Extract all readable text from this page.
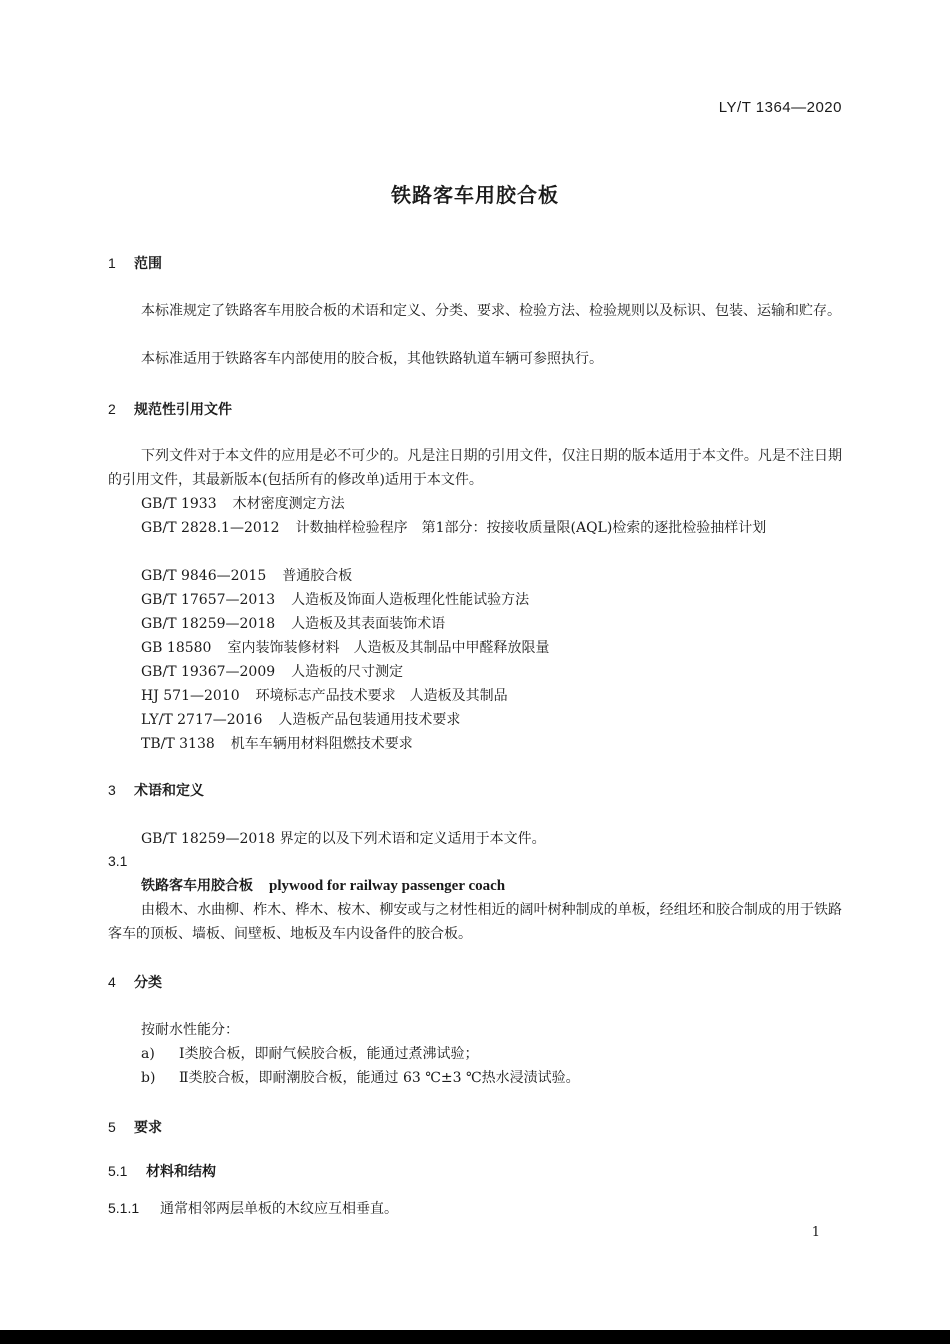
LY/T 1364—2020
铁路客车用胶合板
1 范围
本标准规定了铁路客车用胶合板的术语和定义、分类、要求、检验方法、检验规则以及标识、包装、运输和贮存。
本标准适用于铁路客车内部使用的胶合板，其他铁路轨道车辆可参照执行。
2 规范性引用文件
下列文件对于本文件的应用是必不可少的。凡是注日期的引用文件，仅注日期的版本适用于本文件。凡是不注日期的引用文件，其最新版本(包括所有的修改单)适用于本文件。
GB/T 1933 木材密度测定方法
GB/T 2828.1—2012 计数抽样检验程序　第1部分：按接收质量限(AQL)检索的逐批检验抽样计划
GB/T 9846—2015 普通胶合板
GB/T 17657—2013 人造板及饰面人造板理化性能试验方法
GB/T 18259—2018 人造板及其表面装饰术语
GB 18580 室内装饰装修材料　人造板及其制品中甲醛释放限量
GB/T 19367—2009 人造板的尺寸测定
HJ 571—2010 环境标志产品技术要求　人造板及其制品
LY/T 2717—2016 人造板产品包装通用技术要求
TB/T 3138 机车车辆用材料阻燃技术要求
3 术语和定义
GB/T 18259—2018 界定的以及下列术语和定义适用于本文件。
3.1
铁路客车用胶合板 plywood for railway passenger coach
由椴木、水曲柳、柞木、桦木、桉木、柳安或与之材性相近的阔叶树种制成的单板，经组坯和胶合制成的用于铁路客车的顶板、墙板、间壁板、地板及车内设备件的胶合板。
4 分类
按耐水性能分：
a) Ⅰ类胶合板，即耐气候胶合板，能通过煮沸试验；
b) Ⅱ类胶合板，即耐潮胶合板，能通过 63 ℃±3 ℃热水浸渍试验。
5 要求
5.1 材料和结构
5.1.1 通常相邻两层单板的木纹应互相垂直。
1
